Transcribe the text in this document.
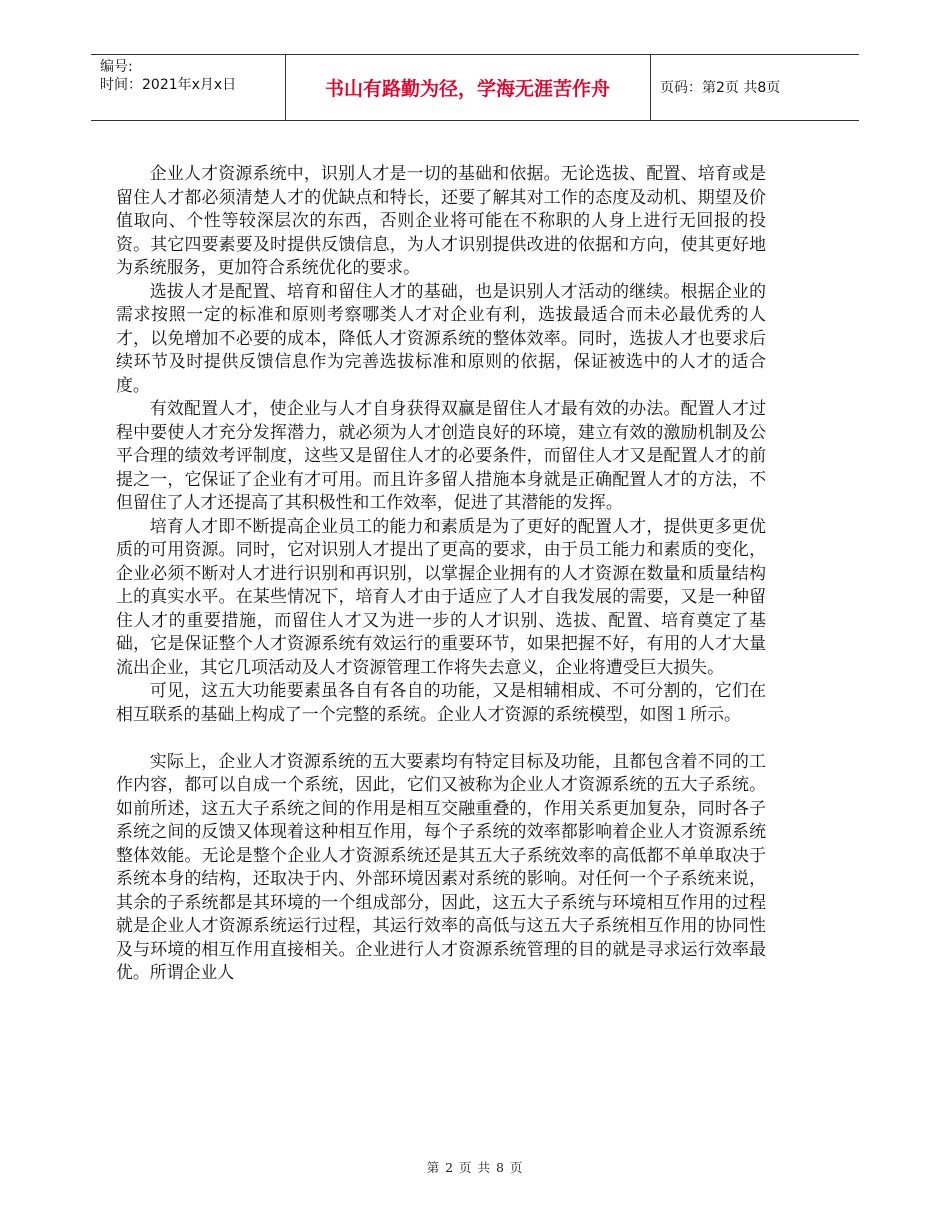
编号:
时间：2021年x月x日	书山有路勤为径，学海无涯苦作舟	页码：第2页 共8页

企业人才资源系统中，识别人才是一切的基础和依据。无论选拔、配置、培育或是留住人才都必须清楚人才的优缺点和特长，还要了解其对工作的态度及动机、期望及价值取向、个性等较深层次的东西，否则企业将可能在不称职的人身上进行无回报的投资。其它四要素要及时提供反馈信息，为人才识别提供改进的依据和方向，使其更好地为系统服务，更加符合系统优化的要求。

选拔人才是配置、培育和留住人才的基础，也是识别人才活动的继续。根据企业的需求按照一定的标准和原则考察哪类人才对企业有利，选拔最适合而未必最优秀的人才，以免增加不必要的成本，降低人才资源系统的整体效率。同时，选拔人才也要求后续环节及时提供反馈信息作为完善选拔标准和原则的依据，保证被选中的人才的适合度。

有效配置人才，使企业与人才自身获得双赢是留住人才最有效的办法。配置人才过程中要使人才充分发挥潜力，就必须为人才创造良好的环境，建立有效的激励机制及公平合理的绩效考评制度，这些又是留住人才的必要条件，而留住人才又是配置人才的前提之一，它保证了企业有才可用。而且许多留人措施本身就是正确配置人才的方法，不但留住了人才还提高了其积极性和工作效率，促进了其潜能的发挥。

培育人才即不断提高企业员工的能力和素质是为了更好的配置人才，提供更多更优质的可用资源。同时，它对识别人才提出了更高的要求，由于员工能力和素质的变化，企业必须不断对人才进行识别和再识别，以掌握企业拥有的人才资源在数量和质量结构上的真实水平。在某些情况下，培育人才由于适应了人才自我发展的需要，又是一种留住人才的重要措施，而留住人才又为进一步的人才识别、选拔、配置、培育奠定了基础，它是保证整个人才资源系统有效运行的重要环节，如果把握不好，有用的人才大量流出企业，其它几项活动及人才资源管理工作将失去意义，企业将遭受巨大损失。

可见，这五大功能要素虽各自有各自的功能，又是相辅相成、不可分割的，它们在相互联系的基础上构成了一个完整的系统。企业人才资源的系统模型，如图１所示。

实际上，企业人才资源系统的五大要素均有特定目标及功能，且都包含着不同的工作内容，都可以自成一个系统，因此，它们又被称为企业人才资源系统的五大子系统。如前所述，这五大子系统之间的作用是相互交融重叠的，作用关系更加复杂，同时各子系统之间的反馈又体现着这种相互作用，每个子系统的效率都影响着企业人才资源系统整体效能。无论是整个企业人才资源系统还是其五大子系统效率的高低都不单单取决于系统本身的结构，还取决于内、外部环境因素对系统的影响。对任何一个子系统来说，其余的子系统都是其环境的一个组成部分，因此，这五大子系统与环境相互作用的过程就是企业人才资源系统运行过程，其运行效率的高低与这五大子系统相互作用的协同性及与环境的相互作用直接相关。企业进行人才资源系统管理的目的就是寻求运行效率最优。所谓企业人

第 2 页 共 8 页
